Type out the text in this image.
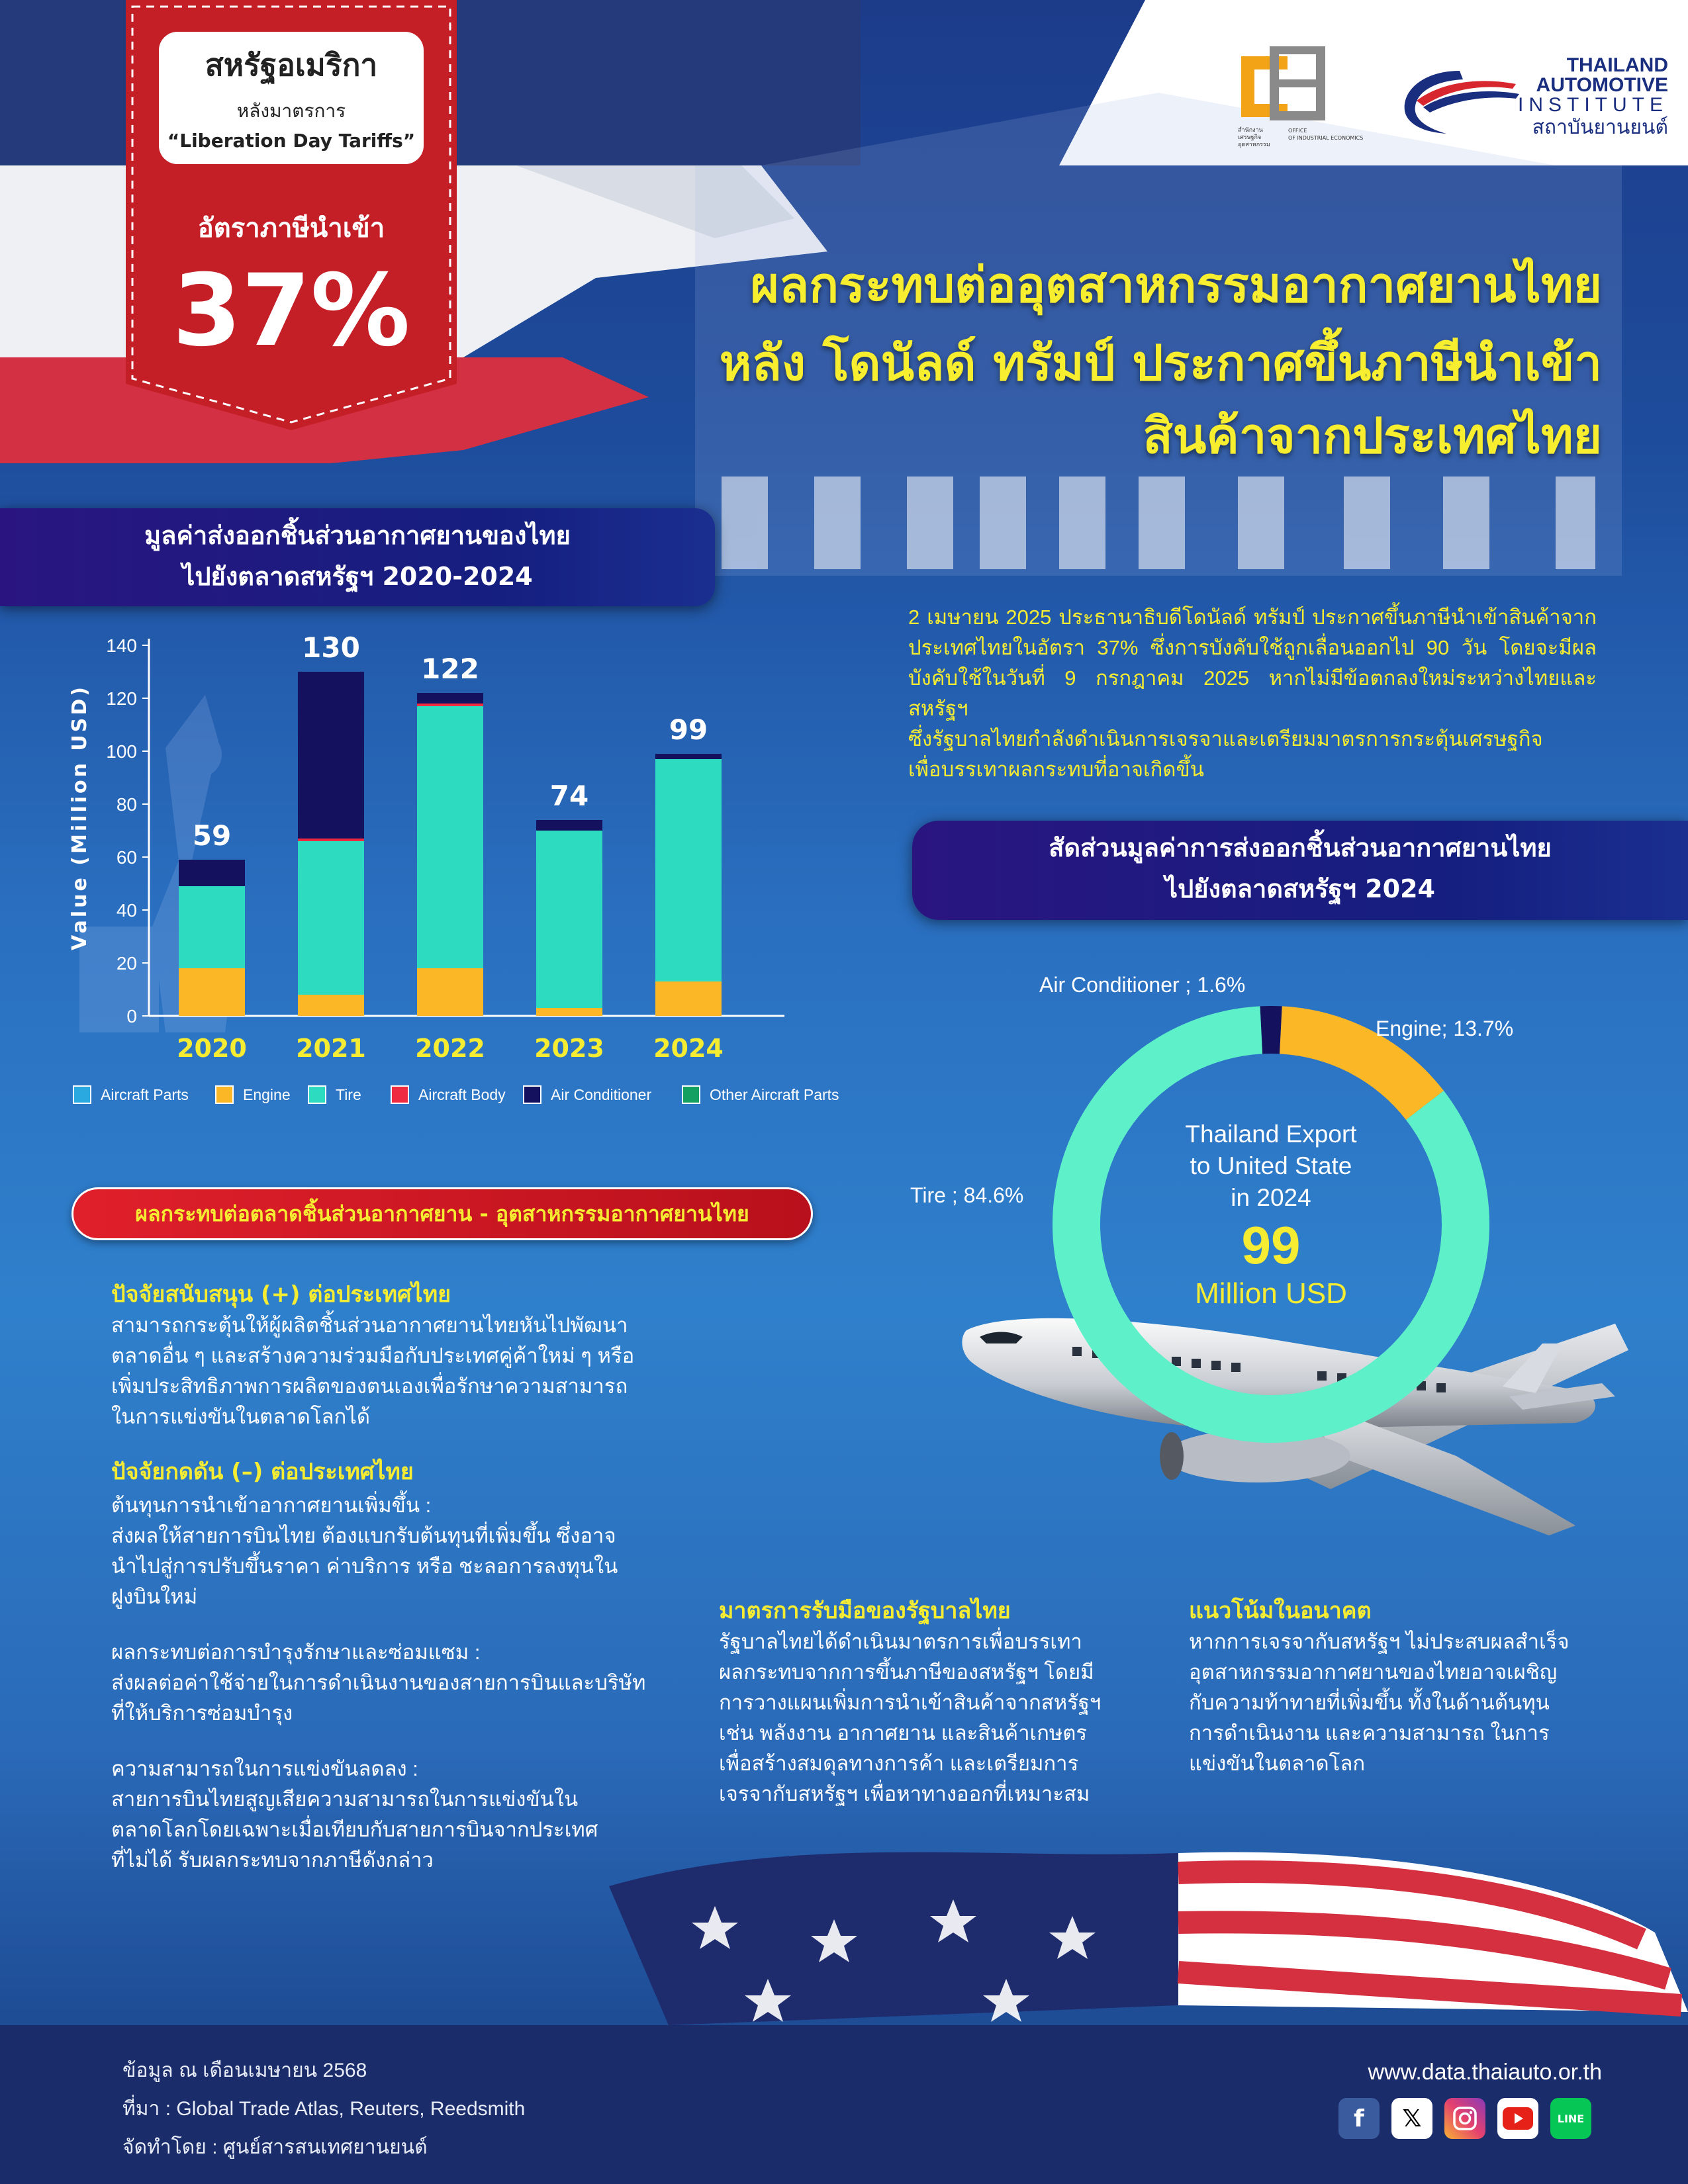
สหรัฐอเมริกา
หลังมาตรการ
“Liberation Day Tariffs”
อัตราภาษีนำเข้า
37%
สำนักงาน
เศรษฐกิจอุตสาหกรรม
OFFICE
OF INDUSTRIAL ECONOMICS
THAILAND
AUTOMOTIVE
INSTITUTE
สถาบันยานยนต์
ผลกระทบต่ออุตสาหกรรมอากาศยานไทย
หลัง โดนัลด์ ทรัมป์ ประกาศขึ้นภาษีนำเข้า
สินค้าจากประเทศไทย
มูลค่าส่งออกชิ้นส่วนอากาศยานของไทย
ไปยังตลาดสหรัฐฯ 2020-2024
0
20
40
60
80
100
120
140
Value (Million USD)	59
2020
130
2021
122
2022
74
2023
99
2024
Aircraft Parts	Engine	Tire	Aircraft Body	Air Conditioner	Other Aircraft Parts
2 เมษายน 2025 ประธานาธิบดีโดนัลด์ ทรัมป์ ประกาศขึ้นภาษีนำเข้าสินค้าจาก
ประเทศไทยในอัตรา 37% ซึ่งการบังคับใช้ถูกเลื่อนออกไป 90 วัน โดยจะมีผล
บังคับใช้ในวันที่ 9 กรกฎาคม 2025 หากไม่มีข้อตกลงใหม่ระหว่างไทยและสหรัฐฯ
ซึ่งรัฐบาลไทยกำลังดำเนินการเจรจาและเตรียมมาตรการกระตุ้นเศรษฐกิจ
เพื่อบรรเทาผลกระทบที่อาจเกิดขึ้น
สัดส่วนมูลค่าการส่งออกชิ้นส่วนอากาศยานไทย
ไปยังตลาดสหรัฐฯ 2024
Air Conditioner ; 1.6%
Engine; 13.7%
Tire ; 84.6%
Thailand Export
to United State
in 2024
99
Million USD
ผลกระทบต่อตลาดชิ้นส่วนอากาศยาน - อุตสาหกรรมอากาศยานไทย
ปัจจัยสนับสนุน (+) ต่อประเทศไทย
สามารถกระตุ้นให้ผู้ผลิตชิ้นส่วนอากาศยานไทยหันไปพัฒนา
ตลาดอื่น ๆ และสร้างความร่วมมือกับประเทศคู่ค้าใหม่ ๆ หรือ
เพิ่มประสิทธิภาพการผลิตของตนเองเพื่อรักษาความสามารถ
ในการแข่งขันในตลาดโลกได้
ปัจจัยกดดัน (–) ต่อประเทศไทย
ต้นทุนการนำเข้าอากาศยานเพิ่มขึ้น :
ส่งผลให้สายการบินไทย ต้องแบกรับต้นทุนที่เพิ่มขึ้น ซึ่งอาจ
นำไปสู่การปรับขึ้นราคา ค่าบริการ หรือ ชะลอการลงทุนใน
ฝูงบินใหม่
ผลกระทบต่อการบำรุงรักษาและซ่อมแซม :
ส่งผลต่อค่าใช้จ่ายในการดำเนินงานของสายการบินและบริษัท
ที่ให้บริการซ่อมบำรุง
ความสามารถในการแข่งขันลดลง :
สายการบินไทยสูญเสียความสามารถในการแข่งขันใน
ตลาดโลกโดยเฉพาะเมื่อเทียบกับสายการบินจากประเทศ
ที่ไม่ได้ รับผลกระทบจากภาษีดังกล่าว
มาตรการรับมือของรัฐบาลไทย
รัฐบาลไทยได้ดำเนินมาตรการเพื่อบรรเทา
ผลกระทบจากการขึ้นภาษีของสหรัฐฯ โดยมี
การวางแผนเพิ่มการนำเข้าสินค้าจากสหรัฐฯ
เช่น พลังงาน อากาศยาน และสินค้าเกษตร
เพื่อสร้างสมดุลทางการค้า และเตรียมการ
เจรจากับสหรัฐฯ เพื่อหาทางออกที่เหมาะสม
แนวโน้มในอนาคต
หากการเจรจากับสหรัฐฯ ไม่ประสบผลสำเร็จ
อุตสาหกรรมอากาศยานของไทยอาจเผชิญ
กับความท้าทายที่เพิ่มขึ้น ทั้งในด้านต้นทุน
การดำเนินงาน และความสามารถ ในการ
แข่งขันในตลาดโลก
ข้อมูล ณ เดือนเมษายน 2568
ที่มา : Global Trade Atlas, Reuters, Reedsmith
จัดทำโดย : ศูนย์สารสนเทศยานยนต์
www.data.thaiauto.or.th
f	𝕏	LINE
